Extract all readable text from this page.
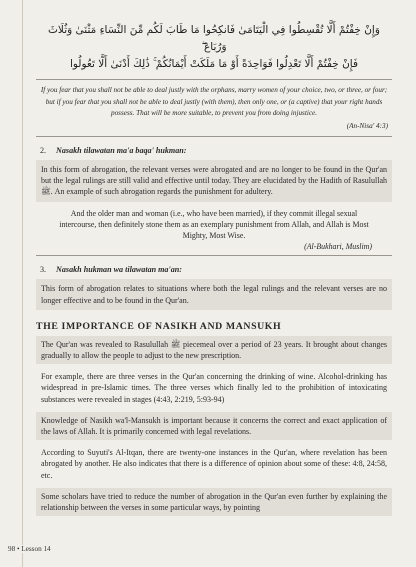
وَإِنْ خِفْتُمْ أَلَّا تُقْسِطُوا فِي الْيَتَامَىٰ فَانكِحُوا مَا طَابَ لَكُم مِّنَ النِّسَاءِ مَثْنَىٰ وَثُلَاثَ وَرُبَاعَ ۖ
فَإِنْ خِفْتُمْ أَلَّا تَعْدِلُوا فَوَاحِدَةً أَوْ مَا مَلَكَتْ أَيْمَانُكُمْ ۚ ذَٰلِكَ أَدْنَىٰ أَلَّا تَعُولُوا
If you fear that you shall not be able to deal justly with the orphans, marry women of your choice, two, or three, or four; but if you fear that you shall not be able to deal justly (with them), then only one, or (a captive) that your right hands possess. That will be more suitable, to prevent you from doing injustice.
(An-Nisa' 4:3)
2. Nasakh tilawatan ma'a baqa' hukman:
In this form of abrogation, the relevant verses were abrogated and are no longer to be found in the Qur'an but the legal rulings are still valid and effective until today. They are elucidated by the Hadith of Rasulullah ﷺ. An example of such abrogation regards the punishment for adultery.
And the older man and woman (i.e., who have been married), if they commit illegal sexual intercourse, then definitely stone them as an exemplary punishment from Allah, and Allah is Most Mighty, Most Wise.
(Al-Bukhari, Muslim)
3. Nasakh hukman wa tilawatan ma'an:
This form of abrogation relates to situations where both the legal rulings and the relevant verses are no longer effective and to be found in the Qur'an.
THE IMPORTANCE OF NASIKH AND MANSUKH
The Qur'an was revealed to Rasulullah ﷺ piecemeal over a period of 23 years. It brought about changes gradually to allow the people to adjust to the new prescription.
For example, there are three verses in the Qur'an concerning the drinking of wine. Alcohol-drinking has widespread in pre-Islamic times. The three verses which finally led to the prohibition of intoxicating substances were revealed in stages (4:43, 2:219, 5:93-94)
Knowledge of Nasikh wa'l-Mansukh is important because it concerns the correct and exact application of the laws of Allah. It is primarily concerned with legal revelations.
According to Suyuti's Al-Itqan, there are twenty-one instances in the Qur'an, where revelation has been abrogated by another. He also indicates that there is a difference of opinion about some of these: 4:8, 24:58, etc.
Some scholars have tried to reduce the number of abrogation in the Qur'an even further by explaining the relationship between the verses in some particular ways, by pointing
98 • Lesson 14
